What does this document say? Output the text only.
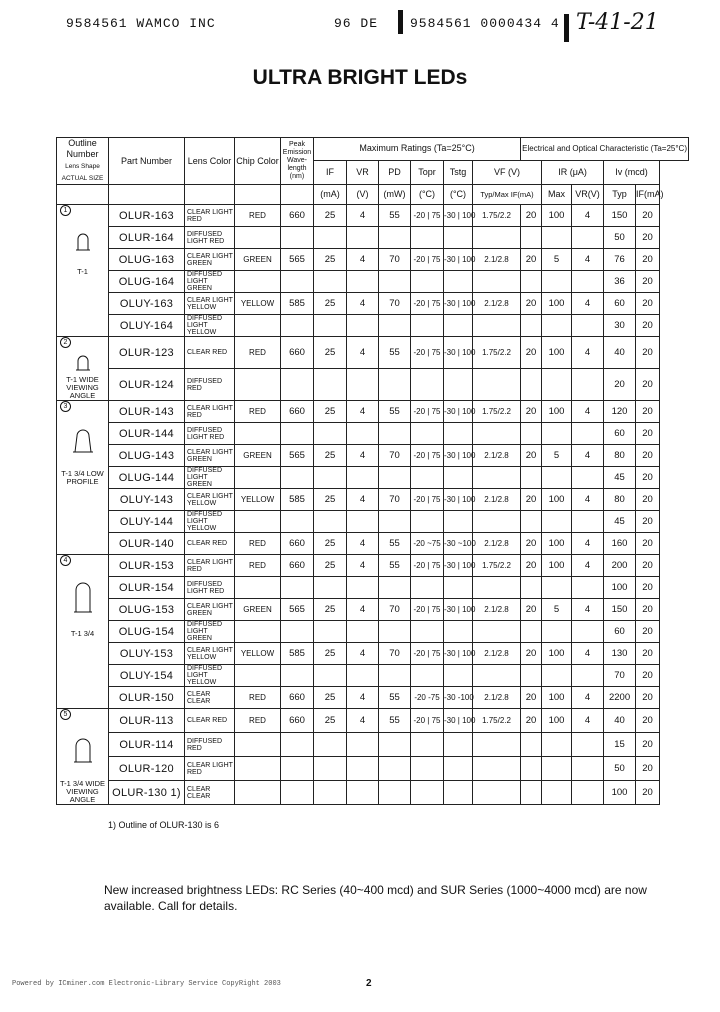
9584561 WAMCO INC	96 DE 9584561 0000434 4 T-41-21
ULTRA BRIGHT LEDs
Outline Number
Lens Shape ACTUAL SIZE	Part Number	Lens Color	Chip Color	Peak Emission Wave-length (nm)	Maximum Ratings (Ta=25°C)						Electrical and Optical Characteristic (Ta=25°C)				
					IF	VR	PD	Topr	Tstg	VF (V)		IR (μA)		Iv (mcd)	
					(mA)	(V)	(mW)	(°C)	(°C)	Typ/Max IF(mA)		Max	VR(V)	Typ	IF(mA)

1
T-1	OLUR-163	CLEAR LIGHT RED	RED	660	25	4	55	-20 | 75	-30 | 100	1.75/2.2	20	100	4	150	20
	OLUR-164	DIFFUSED LIGHT RED												50	20
	OLUG-163	CLEAR LIGHT GREEN	GREEN	565	25	4	70	-20 | 75	-30 | 100	2.1/2.8	20	5	4	76	20
	OLUG-164	DIFFUSED LIGHT GREEN												36	20
	OLUY-163	CLEAR LIGHT YELLOW	YELLOW	585	25	4	70	-20 | 75	-30 | 100	2.1/2.8	20	100	4	60	20
	OLUY-164	DIFFUSED LIGHT YELLOW												30	20

2
T-1 WIDE VIEWING ANGLE	OLUR-123	CLEAR RED	RED	660	25	4	55	-20 | 75	-30 | 100	1.75/2.2	20	100	4	40	20
	OLUR-124	DIFFUSED RED												20	20

3
T-1 3/4 LOW PROFILE	OLUR-143	CLEAR LIGHT RED	RED	660	25	4	55	-20 | 75	-30 | 100	1.75/2.2	20	100	4	120	20
	OLUR-144	DIFFUSED LIGHT RED												60	20
	OLUG-143	CLEAR LIGHT GREEN	GREEN	565	25	4	70	-20 | 75	-30 | 100	2.1/2.8	20	5	4	80	20
	OLUG-144	DIFFUSED LIGHT GREEN												45	20
	OLUY-143	CLEAR LIGHT YELLOW	YELLOW	585	25	4	70	-20 | 75	-30 | 100	2.1/2.8	20	100	4	80	20
	OLUY-144	DIFFUSED LIGHT YELLOW												45	20
	OLUR-140	CLEAR RED	RED	660	25	4	55	-20 ~75	-30 ~100	2.1/2.8	20	100	4	160	20

4
T-1 3/4	OLUR-153	CLEAR LIGHT RED	RED	660	25	4	55	-20 | 75	-30 | 100	1.75/2.2	20	100	4	200	20
	OLUR-154	DIFFUSED LIGHT RED												100	20
	OLUG-153	CLEAR LIGHT GREEN	GREEN	565	25	4	70	-20 | 75	-30 | 100	2.1/2.8	20	5	4	150	20
	OLUG-154	DIFFUSED LIGHT GREEN												60	20
	OLUY-153	CLEAR LIGHT YELLOW	YELLOW	585	25	4	70	-20 | 75	-30 | 100	2.1/2.8	20	100	4	130	20
	OLUY-154	DIFFUSED LIGHT YELLOW												70	20
	OLUR-150	CLEAR CLEAR	RED	660	25	4	55	-20 -75	-30 -100	2.1/2.8	20	100	4	2200	20

5
T-1 3/4 WIDE VIEWING ANGLE	OLUR-113	CLEAR RED	RED	660	25	4	55	-20 | 75	-30 | 100	1.75/2.2	20	100	4	40	20
	OLUR-114	DIFFUSED RED												15	20
	OLUR-120	CLEAR LIGHT RED												50	20
	OLUR-130 1)	CLEAR CLEAR												100	20
1) Outline of OLUR-130 is 6
New increased brightness LEDs: RC Series (40~400 mcd) and SUR Series (1000~4000 mcd) are now available. Call for details.
Powered by ICminer.com Electronic-Library Service CopyRight 2003	2
